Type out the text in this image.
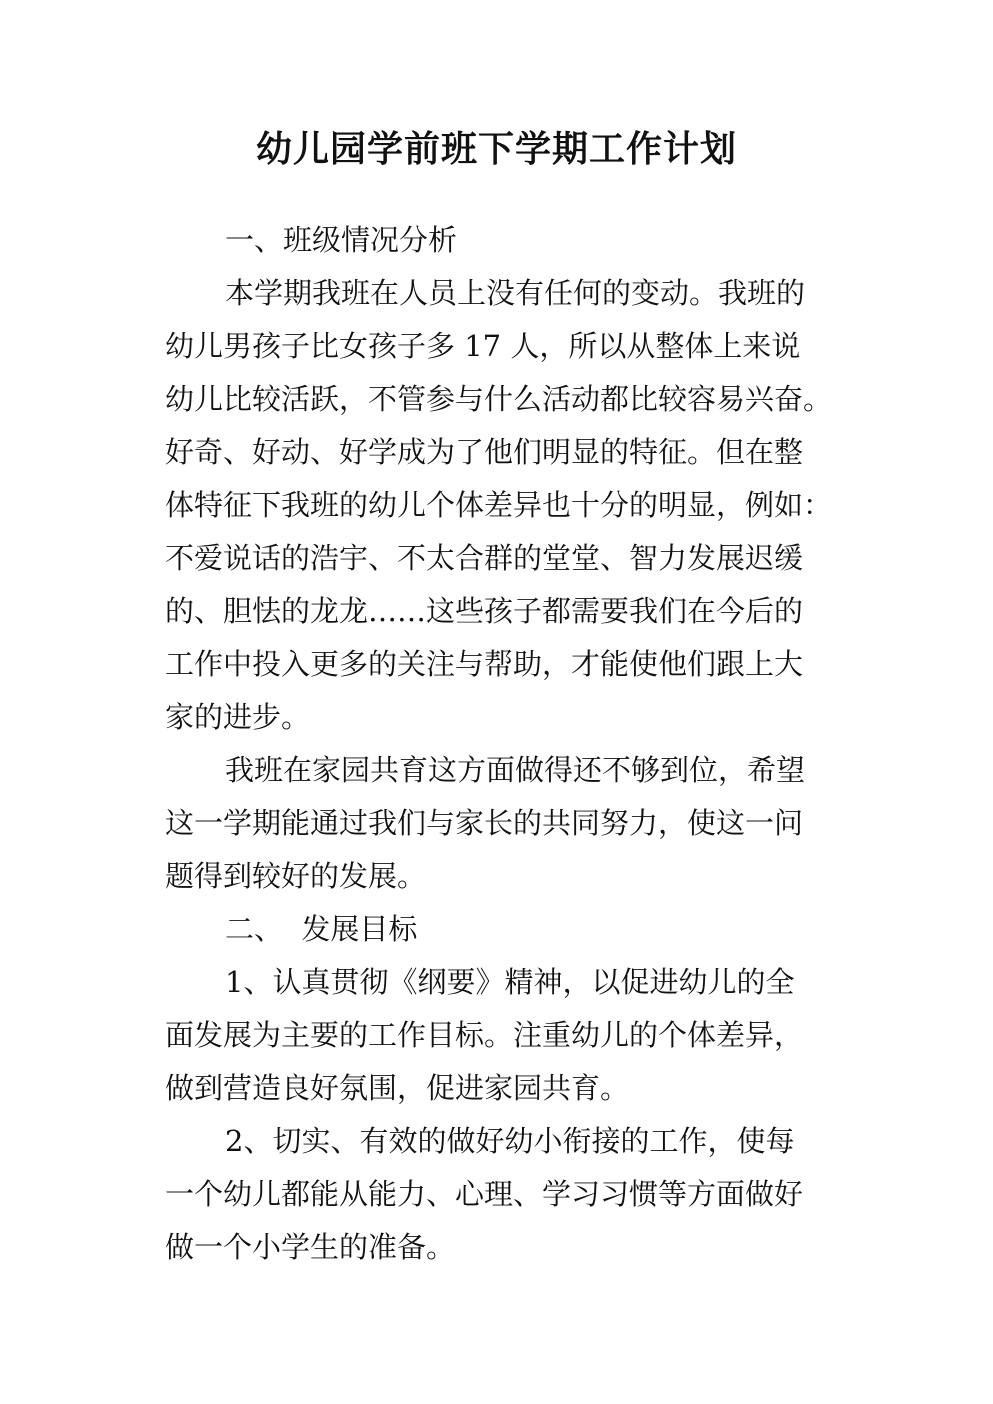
幼儿园学前班下学期工作计划
一、班级情况分析
本学期我班在人员上没有任何的变动。我班的
幼儿男孩子比女孩子多 17 人，所以从整体上来说
幼儿比较活跃，不管参与什么活动都比较容易兴奋。
好奇、好动、好学成为了他们明显的特征。但在整
体特征下我班的幼儿个体差异也十分的明显，例如：
不爱说话的浩宇、不太合群的堂堂、智力发展迟缓
的、胆怯的龙龙……这些孩子都需要我们在今后的
工作中投入更多的关注与帮助，才能使他们跟上大
家的进步。
我班在家园共育这方面做得还不够到位，希望
这一学期能通过我们与家长的共同努力，使这一问
题得到较好的发展。
二、  发展目标
1、认真贯彻《纲要》精神，以促进幼儿的全
面发展为主要的工作目标。注重幼儿的个体差异，
做到营造良好氛围，促进家园共育。
2、切实、有效的做好幼小衔接的工作，使每
一个幼儿都能从能力、心理、学习习惯等方面做好
做一个小学生的准备。
